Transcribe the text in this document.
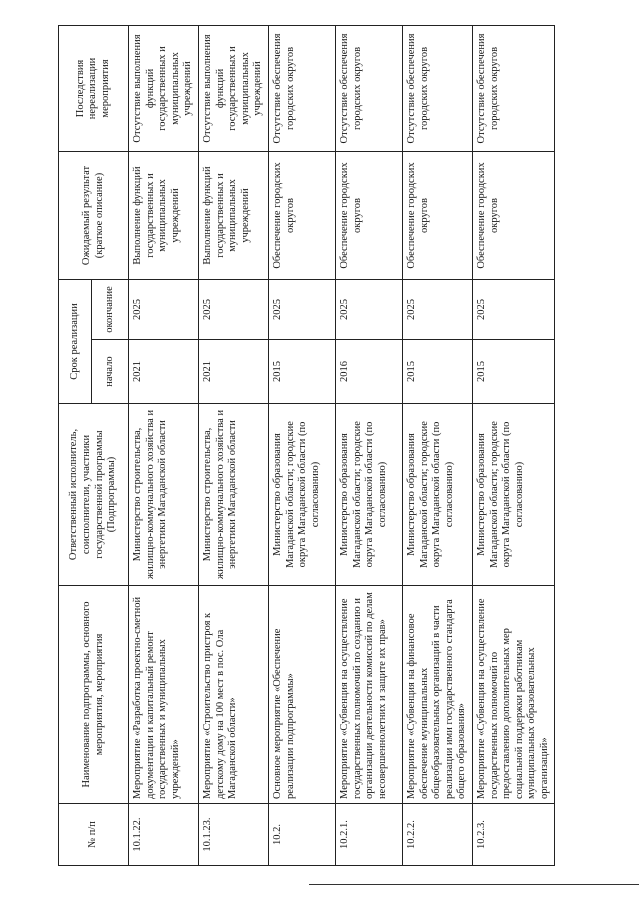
№ п/п	Наименование подпрограммы, основного мероприятия, мероприятия	Ответственный исполнитель, соисполнители, участники государственной программы (Подпрограммы)	Срок реализации		Ожидаемый результат (краткое описание)	Последствия нереализации мероприятия
			начало	окончание		
10.1.22.	Мероприятие «Разработка проектно-сметной документации и капитальный ремонт государственных и муниципальных учреждений»	Министерство строительства, жилищно-коммунального хозяйства и энергетики Магаданской области	2021	2025	Выполнение функций государственных и муниципальных учреждений	Отсутствие выполнения функций государственных и муниципальных учреждений
10.1.23.	Мероприятие «Строительство пристроя к детскому дому на 100 мест в пос. Ола Магаданской области»	Министерство строительства, жилищно-коммунального хозяйства и энергетики Магаданской области	2021	2025	Выполнение функций государственных и муниципальных учреждений	Отсутствие выполнения функций государственных и муниципальных учреждений
10.2.	Основное мероприятие «Обеспечение реализации подпрограммы»	Министерство образования Магаданской области; городские округа Магаданской области (по согласованию)	2015	2025	Обеспечение городских округов	Отсутствие обеспечения городских округов
10.2.1.	Мероприятие «Субвенция на осуществление государственных полномочий по созданию и организации деятельности комиссий по делам несовершеннолетних и защите их прав»	Министерство образования Магаданской области; городские округа Магаданской области (по согласованию)	2016	2025	Обеспечение городских округов	Отсутствие обеспечения городских округов
10.2.2.	Мероприятие «Субвенция на финансовое обеспечение муниципальных общеобразовательных организаций в части реализации ими государственного стандарта общего образования»	Министерство образования Магаданской области; городские округа Магаданской области (по согласованию)	2015	2025	Обеспечение городских округов	Отсутствие обеспечения городских округов
10.2.3.	Мероприятие «Субвенция на осуществление государственных полномочий по предоставлению дополнительных мер социальной поддержки работникам муниципальных образовательных организаций»	Министерство образования Магаданской области; городские округа Магаданской области (по согласованию)	2015	2025	Обеспечение городских округов	Отсутствие обеспечения городских округов
